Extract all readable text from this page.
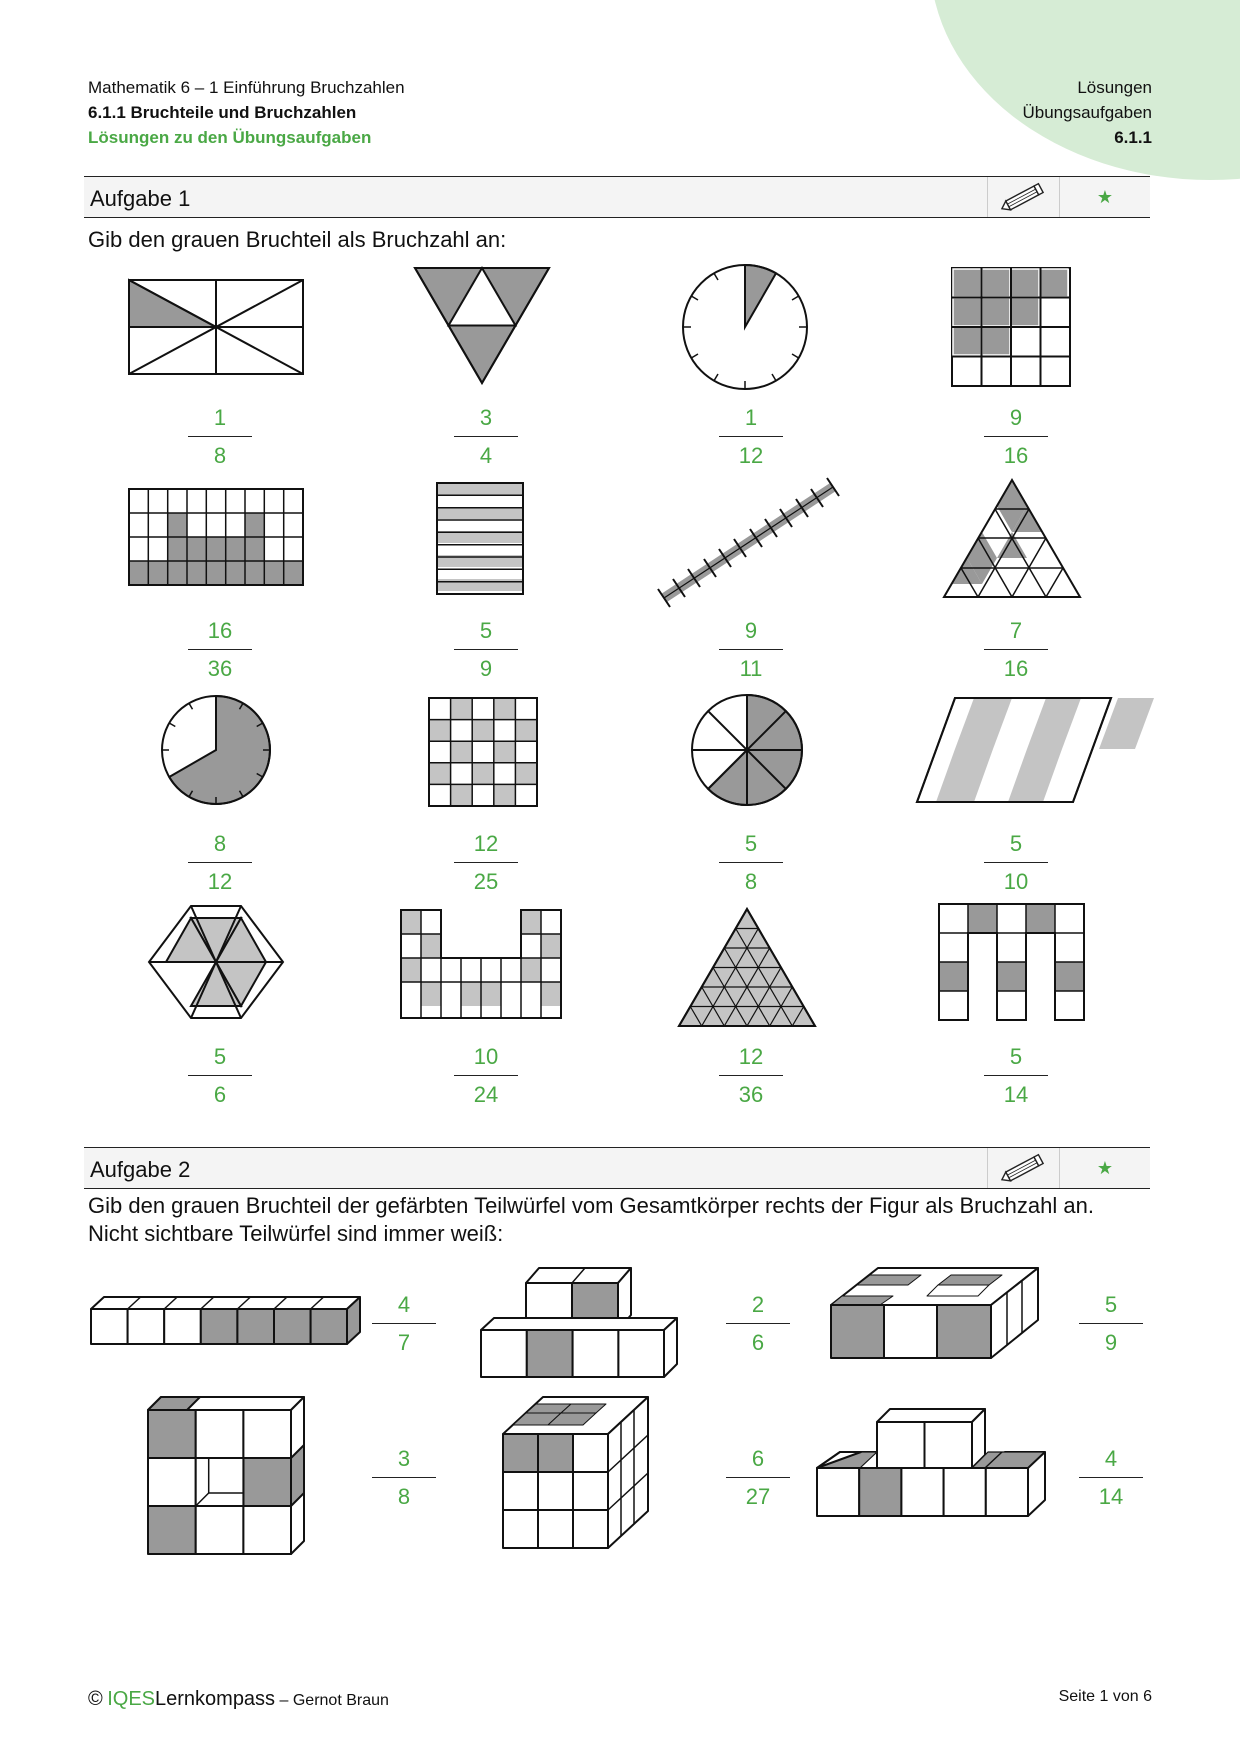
Mathematik 6 – 1 Einführung Bruchzahlen
6.1.1 Bruchteile und Bruchzahlen
Lösungen zu den Übungsaufgaben
Lösungen
Übungsaufgaben
6.1.1
Aufgabe 1	★
Gib den grauen Bruchteil als Bruchzahl an:
1
8
3
4
1
12
9
16
16
36
5
9
9
11
7
16
8
12
12
25
5
8
5
10
5
6
10
24
12
36
5
14
Aufgabe 2	★
Gib den grauen Bruchteil der gefärbten Teilwürfel vom Gesamtkörper rechts der Figur als Bruchzahl an.
Nicht sichtbare Teilwürfel sind immer weiß:
4
7
2
6
5
9
3
8
6
27
4
14
© IQESLernkompass – Gernot Braun	Seite 1 von 6
